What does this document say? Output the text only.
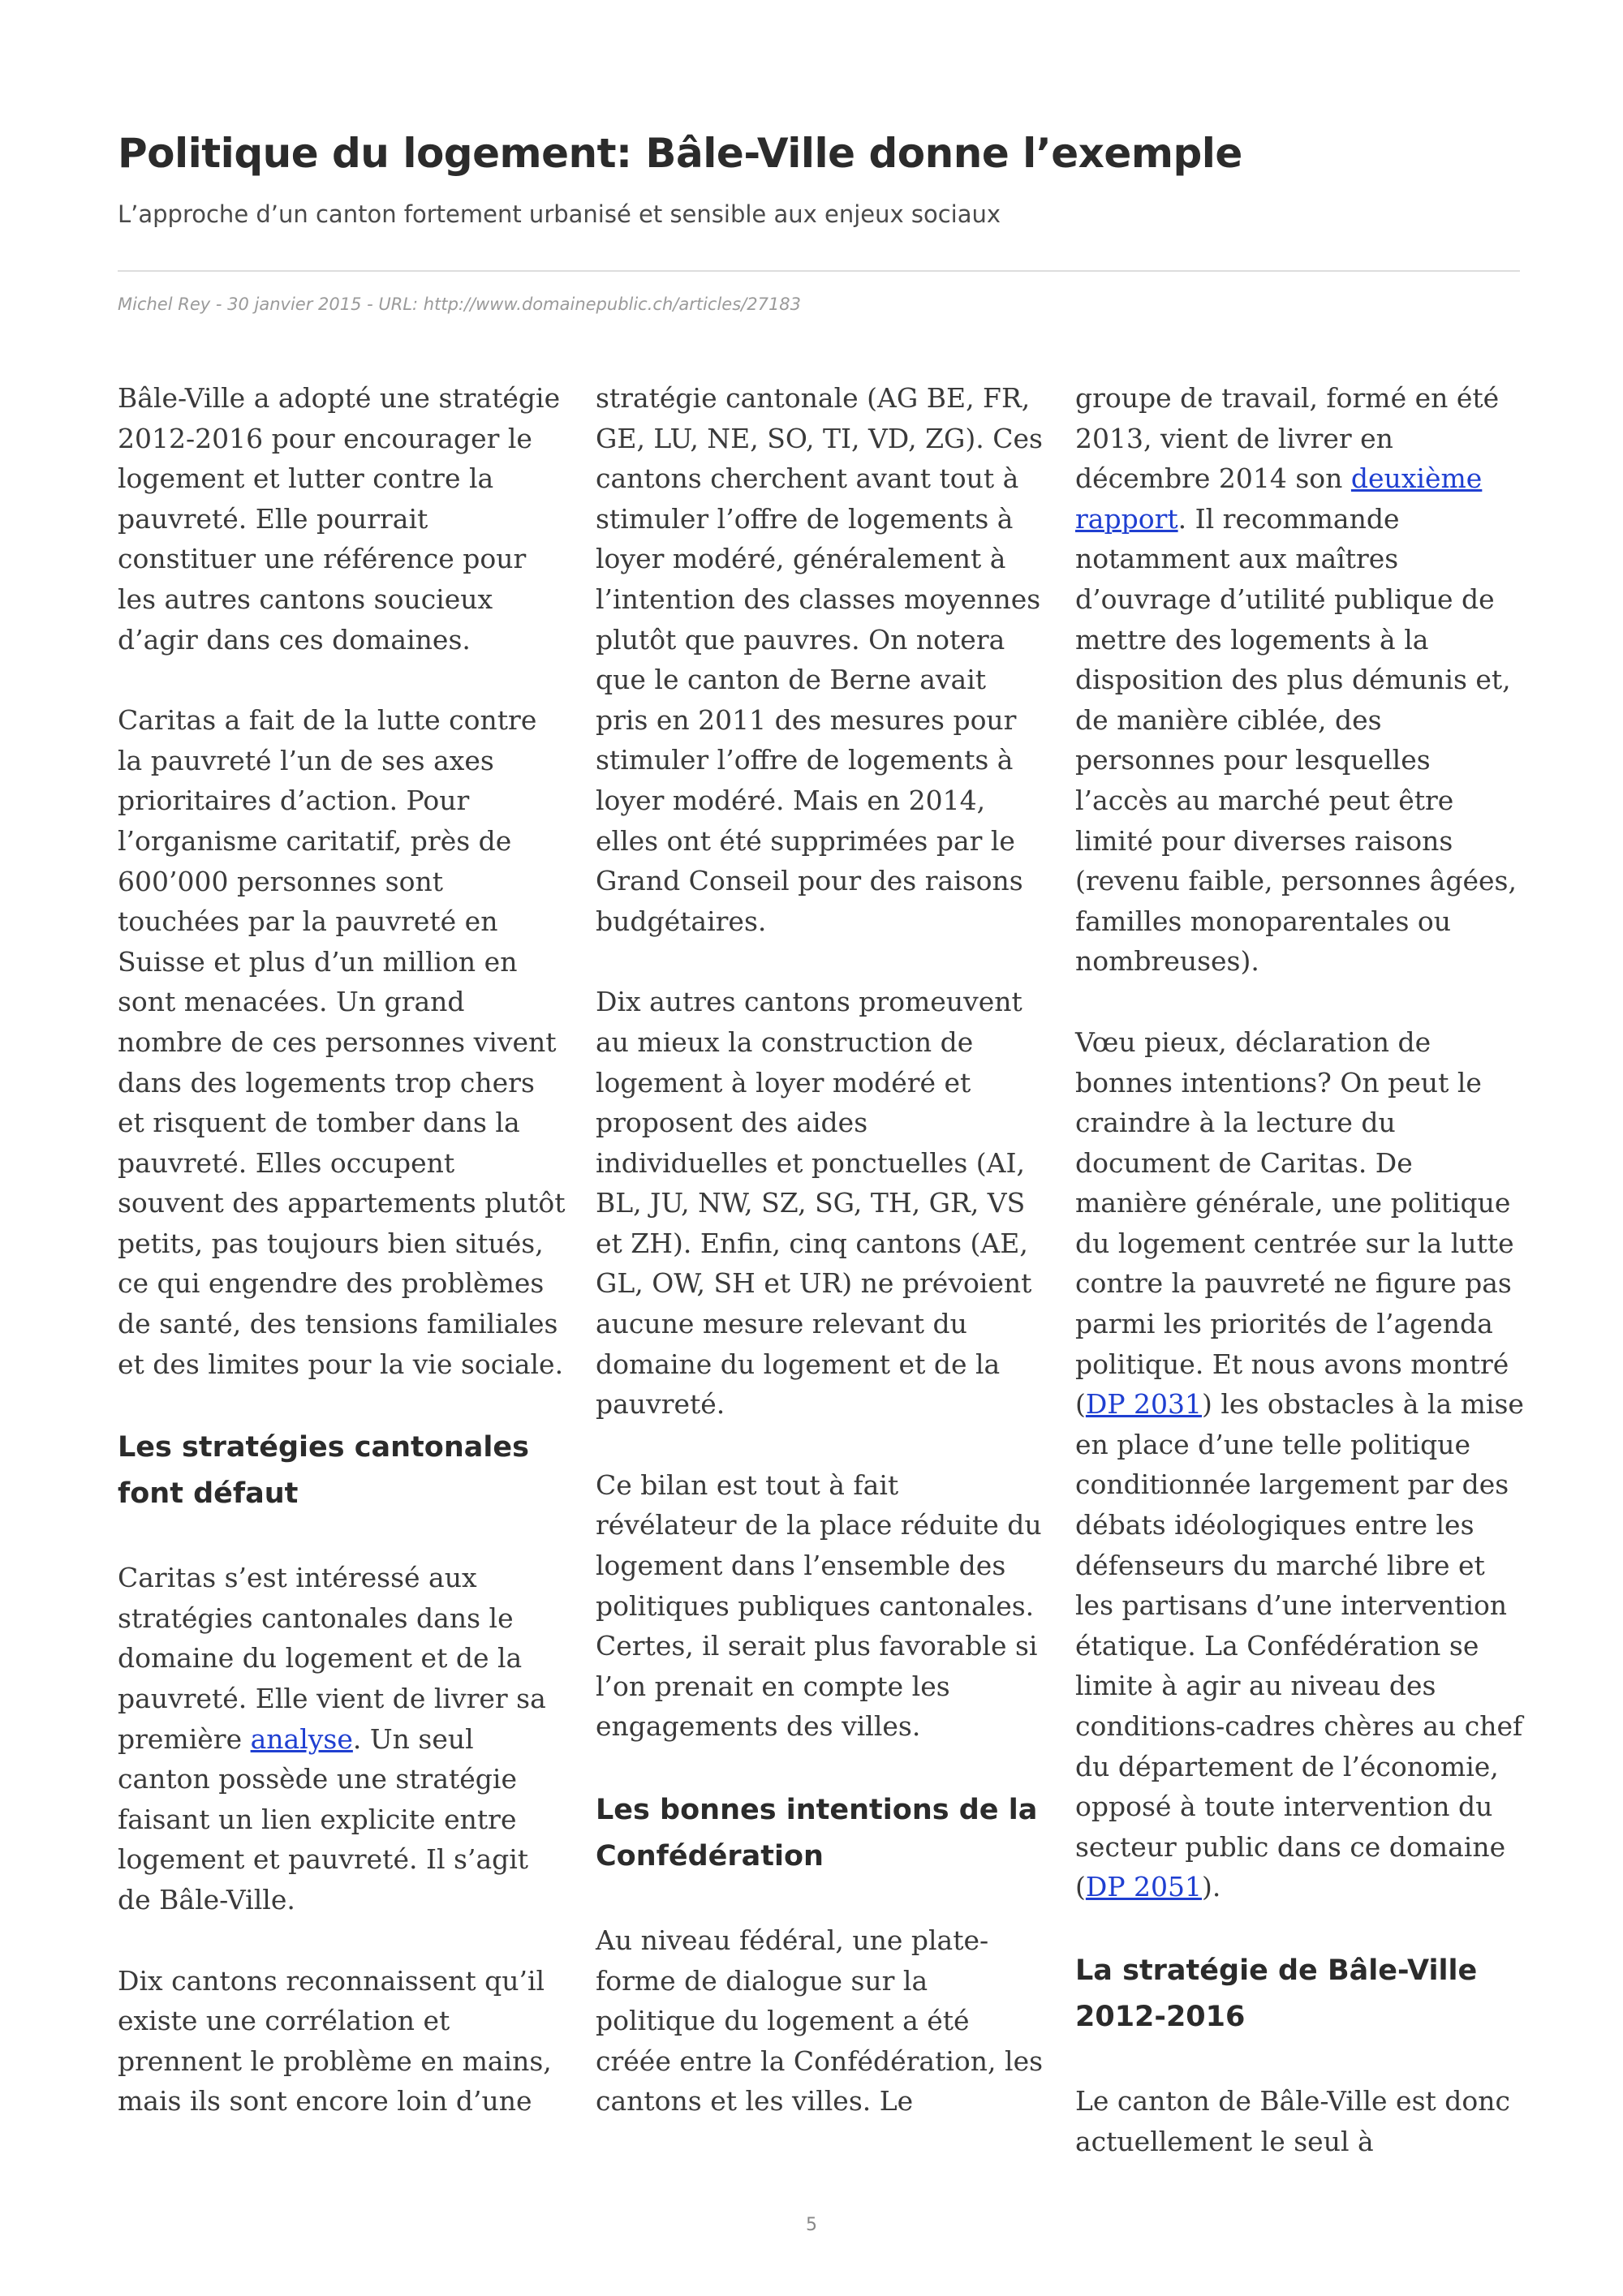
Politique du logement: Bâle-Ville donne l’exemple

L’approche d’un canton fortement urbanisé et sensible aux enjeux sociaux

Michel Rey - 30 janvier 2015 - URL: http://www.domainepublic.ch/articles/27183

Bâle-Ville a adopté une stratégie 2012-2016 pour encourager le logement et lutter contre la pauvreté. Elle pourrait constituer une référence pour les autres cantons soucieux d’agir dans ces domaines.

Caritas a fait de la lutte contre la pauvreté l’un de ses axes prioritaires d’action. Pour l’organisme caritatif, près de 600’000 personnes sont touchées par la pauvreté en Suisse et plus d’un million en sont menacées. Un grand nombre de ces personnes vivent dans des logements trop chers et risquent de tomber dans la pauvreté. Elles occupent souvent des appartements plutôt petits, pas toujours bien situés, ce qui engendre des problèmes de santé, des tensions familiales et des limites pour la vie sociale.

Les stratégies cantonales font défaut

Caritas s’est intéressé aux stratégies cantonales dans le domaine du logement et de la pauvreté. Elle vient de livrer sa première analyse. Un seul canton possède une stratégie faisant un lien explicite entre logement et pauvreté. Il s’agit de Bâle-Ville.

Dix cantons reconnaissent qu’il existe une corrélation et prennent le problème en mains, mais ils sont encore loin d’une

stratégie cantonale (AG BE, FR, GE, LU, NE, SO, TI, VD, ZG). Ces cantons cherchent avant tout à stimuler l’offre de logements à loyer modéré, généralement à l’intention des classes moyennes plutôt que pauvres. On notera que le canton de Berne avait pris en 2011 des mesures pour stimuler l’offre de logements à loyer modéré. Mais en 2014, elles ont été supprimées par le Grand Conseil pour des raisons budgétaires.

Dix autres cantons promeuvent au mieux la construction de logement à loyer modéré et proposent des aides individuelles et ponctuelles (AI, BL, JU, NW, SZ, SG, TH, GR, VS et ZH). Enfin, cinq cantons (AE, GL, OW, SH et UR) ne prévoient aucune mesure relevant du domaine du logement et de la pauvreté.

Ce bilan est tout à fait révélateur de la place réduite du logement dans l’ensemble des politiques publiques cantonales. Certes, il serait plus favorable si l’on prenait en compte les engagements des villes.

Les bonnes intentions de la Confédération

Au niveau fédéral, une plate-forme de dialogue sur la politique du logement a été créée entre la Confédération, les cantons et les villes. Le

groupe de travail, formé en été 2013, vient de livrer en décembre 2014 son deuxième rapport. Il recommande notamment aux maîtres d’ouvrage d’utilité publique de mettre des logements à la disposition des plus démunis et, de manière ciblée, des personnes pour lesquelles l’accès au marché peut être limité pour diverses raisons (revenu faible, personnes âgées, familles monoparentales ou nombreuses).

Vœu pieux, déclaration de bonnes intentions? On peut le craindre à la lecture du document de Caritas. De manière générale, une politique du logement centrée sur la lutte contre la pauvreté ne figure pas parmi les priorités de l’agenda politique. Et nous avons montré (DP 2031) les obstacles à la mise en place d’une telle politique conditionnée largement par des débats idéologiques entre les défenseurs du marché libre et les partisans d’une intervention étatique. La Confédération se limite à agir au niveau des conditions-cadres chères au chef du département de l’économie, opposé à toute intervention du secteur public dans ce domaine (DP 2051).

La stratégie de Bâle-Ville 2012-2016

Le canton de Bâle-Ville est donc actuellement le seul à

5
